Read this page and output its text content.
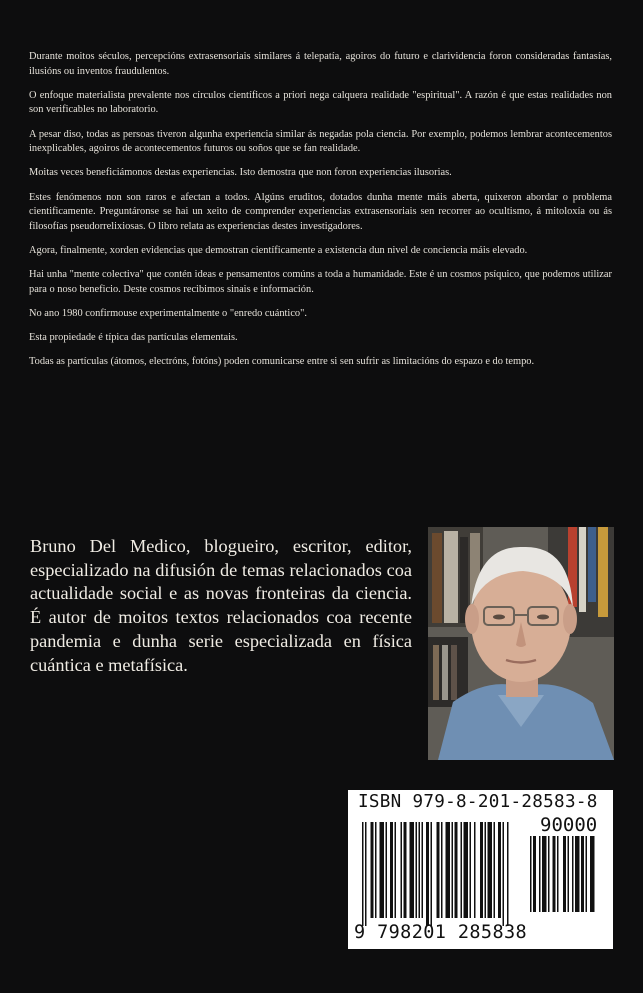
Durante moitos séculos, percepcións extrasensoriais similares á telepatía, agoiros do futuro e clarividencia foron consideradas fantasías, ilusións ou inventos fraudulentos.

O enfoque materialista prevalente nos círculos científicos a priori nega calquera realidade "espiritual". A razón é que estas realidades non son verificables no laboratorio.

A pesar diso, todas as persoas tiveron algunha experiencia similar ás negadas pola ciencia. Por exemplo, podemos lembrar acontecementos inexplicables, agoiros de acontecementos futuros ou soños que se fan realidade.

Moitas veces beneficiámonos destas experiencias. Isto demostra que non foron experiencias ilusorias.

Estes fenómenos non son raros e afectan a todos. Algúns eruditos, dotados dunha mente máis aberta, quixeron abordar o problema cientificamente. Preguntáronse se hai un xeito de comprender experiencias extrasensoriais sen recorrer ao ocultismo, á mitoloxía ou ás filosofías pseudorrelixiosas. O libro relata as experiencias destes investigadores.

Agora, finalmente, xorden evidencias que demostran científicamente a existencia dun nivel de conciencia máis elevado.

Hai unha "mente colectiva" que contén ideas e pensamentos comúns a toda a humanidade. Este é un cosmos psíquico, que podemos utilizar para o noso beneficio. Deste cosmos recibimos sinais e información.

No ano 1980 confirmouse experimentalmente o "enredo cuántico".

Esta propiedade é típica das partículas elementais.

Todas as partículas (átomos, electróns, fotóns) poden comunicarse entre si sen sufrir as limitacións do espazo e do tempo.

Bruno Del Medico, blogueiro, escritor, editor, especializado na difusión de temas relacionados coa actualidade social e as novas fronteiras da ciencia. É autor de moitos textos relacionados coa recente pandemia e dunha serie especializada en física cuántica e metafísica.
ISBN 979-8-201-28583-8
90000
9 798201 285838
